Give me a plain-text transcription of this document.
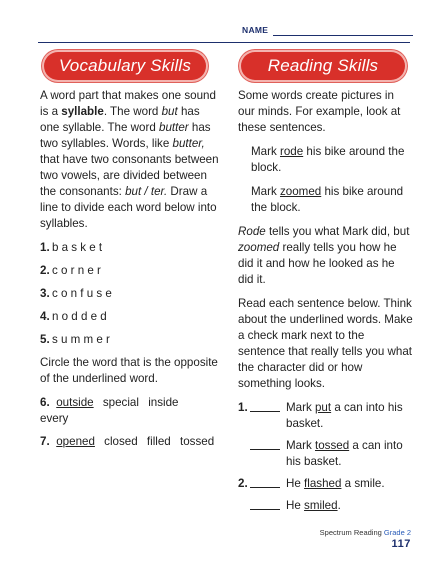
NAME
Vocabulary Skills	Reading Skills

A word part that makes one sound is a syllable. The word but has one syllable. The word butter has two syllables. Words, like butter, that have two consonants between two vowels, are divided between the consonants: but / ter. Draw a line to divide each word below into syllables.

1. basket
2. corner
3. confuse
4. nodded
5. summer

Circle the word that is the opposite of the underlined word.

6. outside special inside every
7. opened closed filled tossed

Some words create pictures in our minds. For example, look at these sentences.

Mark rode his bike around the block.

Mark zoomed his bike around the block.

Rode tells you what Mark did, but zoomed really tells you how he did it and how he looked as he did it.

Read each sentence below. Think about the underlined words. Make a check mark next to the sentence that really tells you what the character did or how something looks.

1.	Mark put a can into his basket.
Mark tossed a can into his basket.
2.	He flashed a smile.
He smiled.
Spectrum Reading Grade 2
117
